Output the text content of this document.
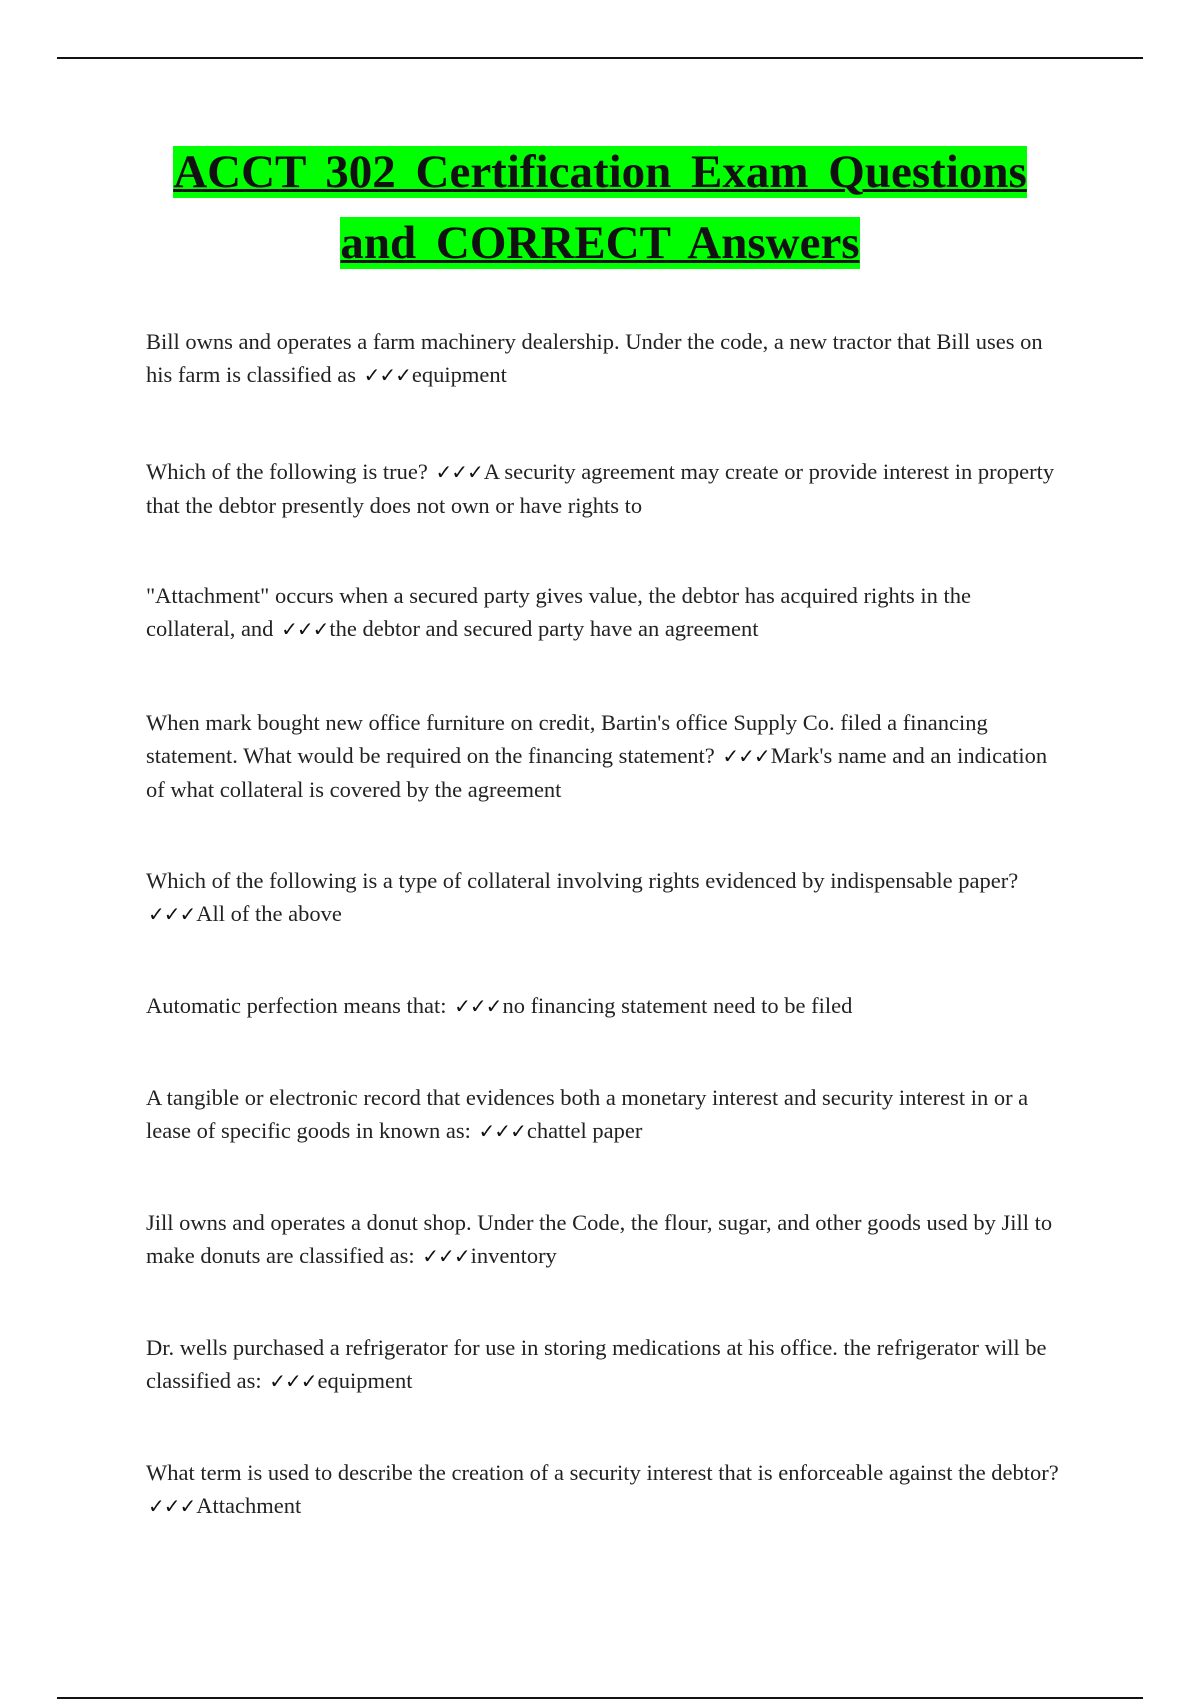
ACCT 302 Certification Exam Questions

and CORRECT Answers

Bill owns and operates a farm machinery dealership. Under the code, a new tractor that Bill uses on his farm is classified as ✓✓✓equipment

Which of the following is true? ✓✓✓A security agreement may create or provide interest in property that the debtor presently does not own or have rights to

"Attachment" occurs when a secured party gives value, the debtor has acquired rights in the collateral, and ✓✓✓the debtor and secured party have an agreement

When mark bought new office furniture on credit, Bartin's office Supply Co. filed a financing statement. What would be required on the financing statement? ✓✓✓Mark's name and an indication of what collateral is covered by the agreement

Which of the following is a type of collateral involving rights evidenced by indispensable paper? ✓✓✓All of the above

Automatic perfection means that: ✓✓✓no financing statement need to be filed

A tangible or electronic record that evidences both a monetary interest and security interest in or a lease of specific goods in known as: ✓✓✓chattel paper

Jill owns and operates a donut shop. Under the Code, the flour, sugar, and other goods used by Jill to make donuts are classified as: ✓✓✓inventory

Dr. wells purchased a refrigerator for use in storing medications at his office. the refrigerator will be classified as: ✓✓✓equipment

What term is used to describe the creation of a security interest that is enforceable against the debtor? ✓✓✓Attachment
